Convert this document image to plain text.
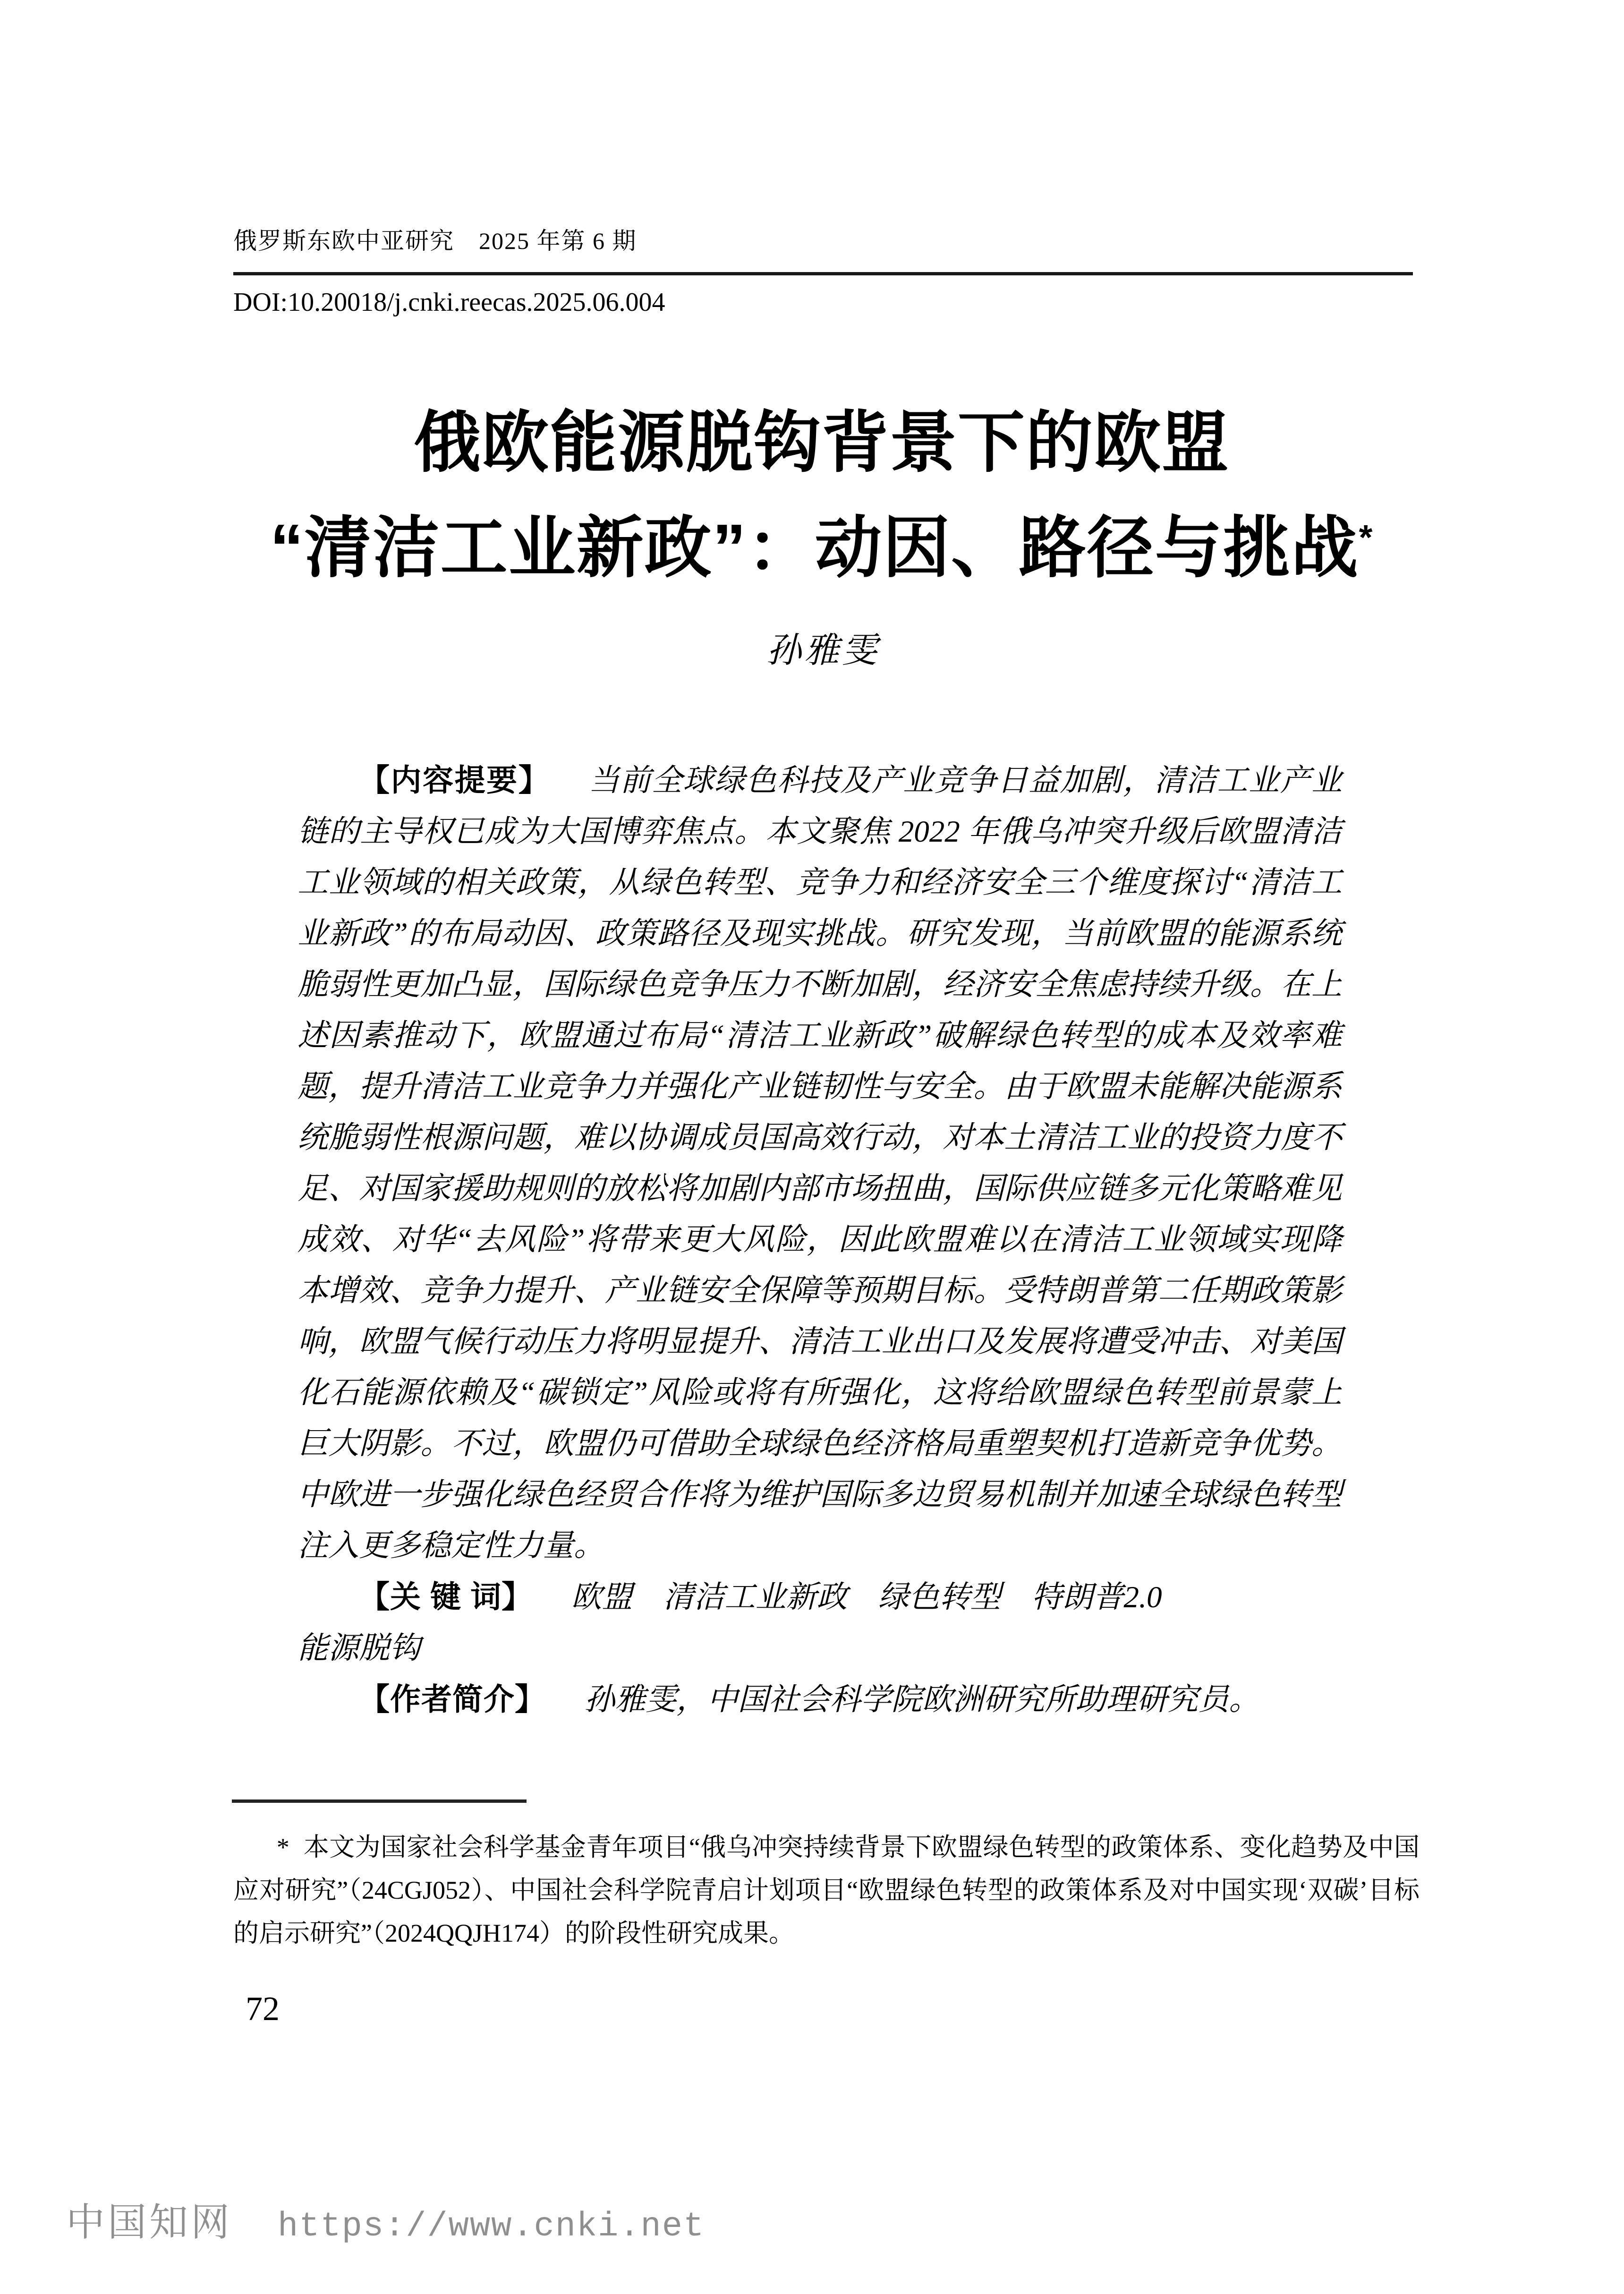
俄罗斯东欧中亚研究　2025 年第 6 期
DOI:10.20018/j.cnki.reecas.2025.06.004
俄欧能源脱钩背景下的欧盟
“清洁工业新政”：动因、路径与挑战*
孙雅雯

【内容提要】 当前全球绿色科技及产业竞争日益加剧，清洁工业产业链的主导权已成为大国博弈焦点。本文聚焦 2022 年俄乌冲突升级后欧盟清洁工业领域的相关政策，从绿色转型、竞争力和经济安全三个维度探讨“清洁工业新政”的布局动因、政策路径及现实挑战。研究发现，当前欧盟的能源系统脆弱性更加凸显，国际绿色竞争压力不断加剧，经济安全焦虑持续升级。在上述因素推动下，欧盟通过布局“清洁工业新政”破解绿色转型的成本及效率难题，提升清洁工业竞争力并强化产业链韧性与安全。由于欧盟未能解决能源系统脆弱性根源问题，难以协调成员国高效行动，对本土清洁工业的投资力度不足、对国家援助规则的放松将加剧内部市场扭曲，国际供应链多元化策略难见成效、对华“去风险”将带来更大风险，因此欧盟难以在清洁工业领域实现降本增效、竞争力提升、产业链安全保障等预期目标。受特朗普第二任期政策影响，欧盟气候行动压力将明显提升、清洁工业出口及发展将遭受冲击、对美国化石能源依赖及“碳锁定”风险或将有所强化，这将给欧盟绿色转型前景蒙上巨大阴影。不过，欧盟仍可借助全球绿色经济格局重塑契机打造新竞争优势。中欧进一步强化绿色经贸合作将为维护国际多边贸易机制并加速全球绿色转型注入更多稳定性力量。

【关 键 词】 欧盟　清洁工业新政　绿色转型　特朗普2.0

能源脱钩

【作者简介】 孙雅雯，中国社会科学院欧洲研究所助理研究员。

* 本文为国家社会科学基金青年项目“俄乌冲突持续背景下欧盟绿色转型的政策体系、变化趋势及中国应对研究”（24CGJ052）、中国社会科学院青启计划项目“欧盟绿色转型的政策体系及对中国实现‘双碳’目标的启示研究”（2024QQJH174）的阶段性研究成果。

72
中国知网 https://www.cnki.net
